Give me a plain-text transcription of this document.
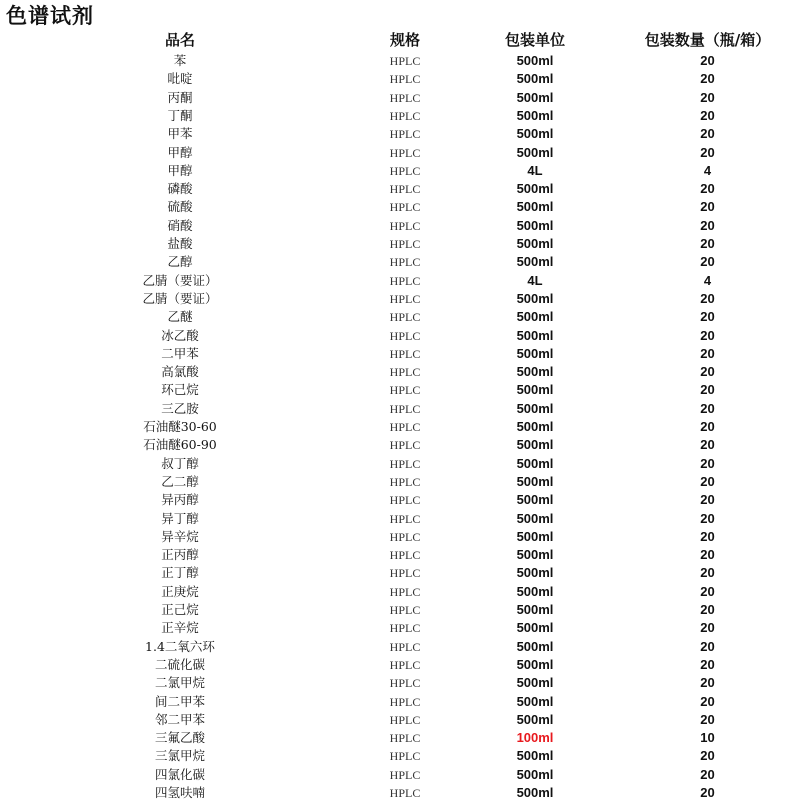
色谱试剂
品名	规格	包装单位	包装数量（瓶/箱）
苯	HPLC	500ml	20
吡啶	HPLC	500ml	20
丙酮	HPLC	500ml	20
丁酮	HPLC	500ml	20
甲苯	HPLC	500ml	20
甲醇	HPLC	500ml	20
甲醇	HPLC	4L	4
磷酸	HPLC	500ml	20
硫酸	HPLC	500ml	20
硝酸	HPLC	500ml	20
盐酸	HPLC	500ml	20
乙醇	HPLC	500ml	20
乙腈（要证）	HPLC	4L	4
乙腈（要证）	HPLC	500ml	20
乙醚	HPLC	500ml	20
冰乙酸	HPLC	500ml	20
二甲苯	HPLC	500ml	20
高氯酸	HPLC	500ml	20
环己烷	HPLC	500ml	20
三乙胺	HPLC	500ml	20
石油醚30-60	HPLC	500ml	20
石油醚60-90	HPLC	500ml	20
叔丁醇	HPLC	500ml	20
乙二醇	HPLC	500ml	20
异丙醇	HPLC	500ml	20
异丁醇	HPLC	500ml	20
异辛烷	HPLC	500ml	20
正丙醇	HPLC	500ml	20
正丁醇	HPLC	500ml	20
正庚烷	HPLC	500ml	20
正己烷	HPLC	500ml	20
正辛烷	HPLC	500ml	20
1.4二氧六环	HPLC	500ml	20
二硫化碳	HPLC	500ml	20
二氯甲烷	HPLC	500ml	20
间二甲苯	HPLC	500ml	20
邻二甲苯	HPLC	500ml	20
三氟乙酸	HPLC	100ml	10
三氯甲烷	HPLC	500ml	20
四氯化碳	HPLC	500ml	20
四氢呋喃	HPLC	500ml	20
